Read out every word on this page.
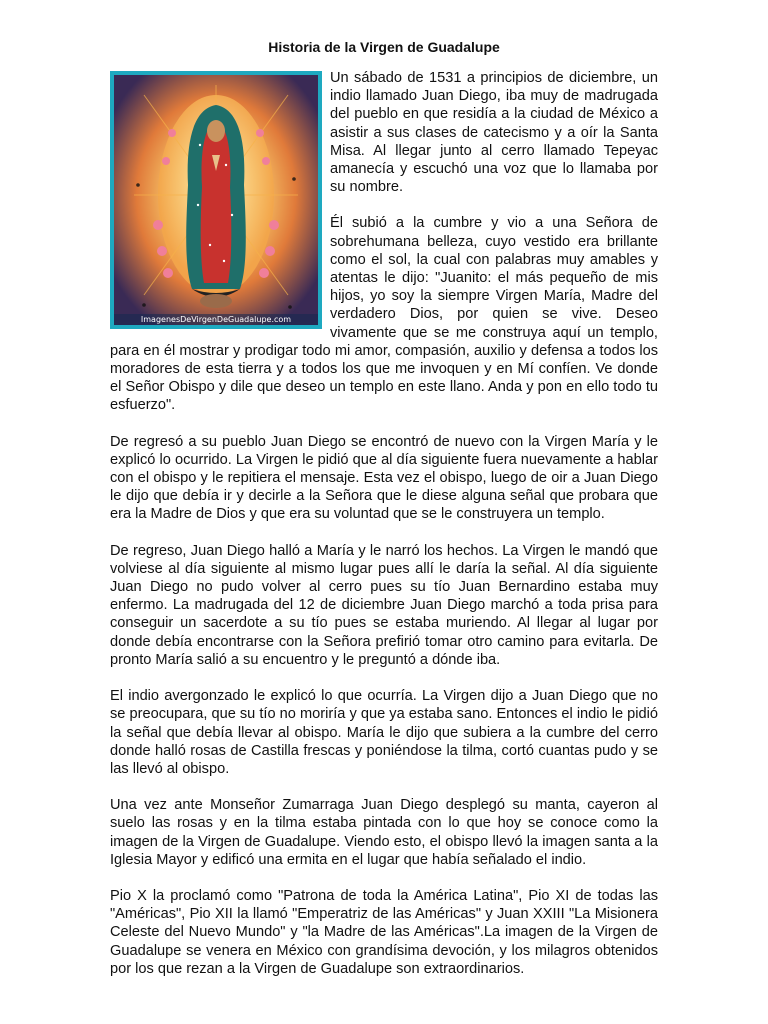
Historia de la Virgen de Guadalupe
ImagenesDeVirgenDeGuadalupe.com

Un sábado de 1531 a principios de diciembre, un indio llamado Juan Diego, iba muy de madrugada del pueblo en que residía a la ciudad de México a asistir a sus clases de catecismo y a oír la Santa Misa. Al llegar junto al cerro llamado Tepeyac amanecía y escuchó una voz que lo llamaba por su nombre.

Él subió a la cumbre y vio a una Señora de sobrehumana belleza, cuyo vestido era brillante como el sol, la cual con palabras muy amables y atentas le dijo: "Juanito: el más pequeño de mis hijos, yo soy la siempre Virgen María, Madre del verdadero Dios, por quien se vive. Deseo vivamente que se me construya aquí un templo, para en él mostrar y prodigar todo mi amor, compasión, auxilio y defensa a todos los moradores de esta tierra y a todos los que me invoquen y en Mí confíen. Ve donde el Señor Obispo y dile que deseo un templo en este llano. Anda y pon en ello todo tu esfuerzo".

De regresó a su pueblo Juan Diego se encontró de nuevo con la Virgen María y le explicó lo ocurrido. La Virgen le pidió que al día siguiente fuera nuevamente a hablar con el obispo y le repitiera el mensaje. Esta vez el obispo, luego de oir a Juan Diego le dijo que debía ir y decirle a la Señora que le diese alguna señal que probara que era la Madre de Dios y que era su voluntad que se le construyera un templo.

De regreso, Juan Diego halló a María y le narró los hechos. La Virgen le mandó que volviese al día siguiente al mismo lugar pues allí le daría la señal. Al día siguiente Juan Diego no pudo volver al cerro pues su tío Juan Bernardino estaba muy enfermo. La madrugada del 12 de diciembre Juan Diego marchó a toda prisa para conseguir un sacerdote a su tío pues se estaba muriendo. Al llegar al lugar por donde debía encontrarse con la Señora prefirió tomar otro camino para evitarla. De pronto María salió a su encuentro y le preguntó a dónde iba.

El indio avergonzado le explicó lo que ocurría. La Virgen dijo a Juan Diego que no se preocupara, que su tío no moriría y que ya estaba sano. Entonces el indio le pidió la señal que debía llevar al obispo. María le dijo que subiera a la cumbre del cerro donde halló rosas de Castilla frescas y poniéndose la tilma, cortó cuantas pudo y se las llevó al obispo.

Una vez ante Monseñor Zumarraga Juan Diego desplegó su manta, cayeron al suelo las rosas y en la tilma estaba pintada con lo que hoy se conoce como la imagen de la Virgen de Guadalupe. Viendo esto, el obispo llevó la imagen santa a la Iglesia Mayor y edificó una ermita en el lugar que había señalado el indio.

Pio X la proclamó como "Patrona de toda la América Latina", Pio XI de todas las "Américas", Pio XII la llamó "Emperatriz de las Américas" y Juan XXIII "La Misionera Celeste del Nuevo Mundo" y "la Madre de las Américas".La imagen de la Virgen de Guadalupe se venera en México con grandísima devoción, y los milagros obtenidos por los que rezan a la Virgen de Guadalupe son extraordinarios.
